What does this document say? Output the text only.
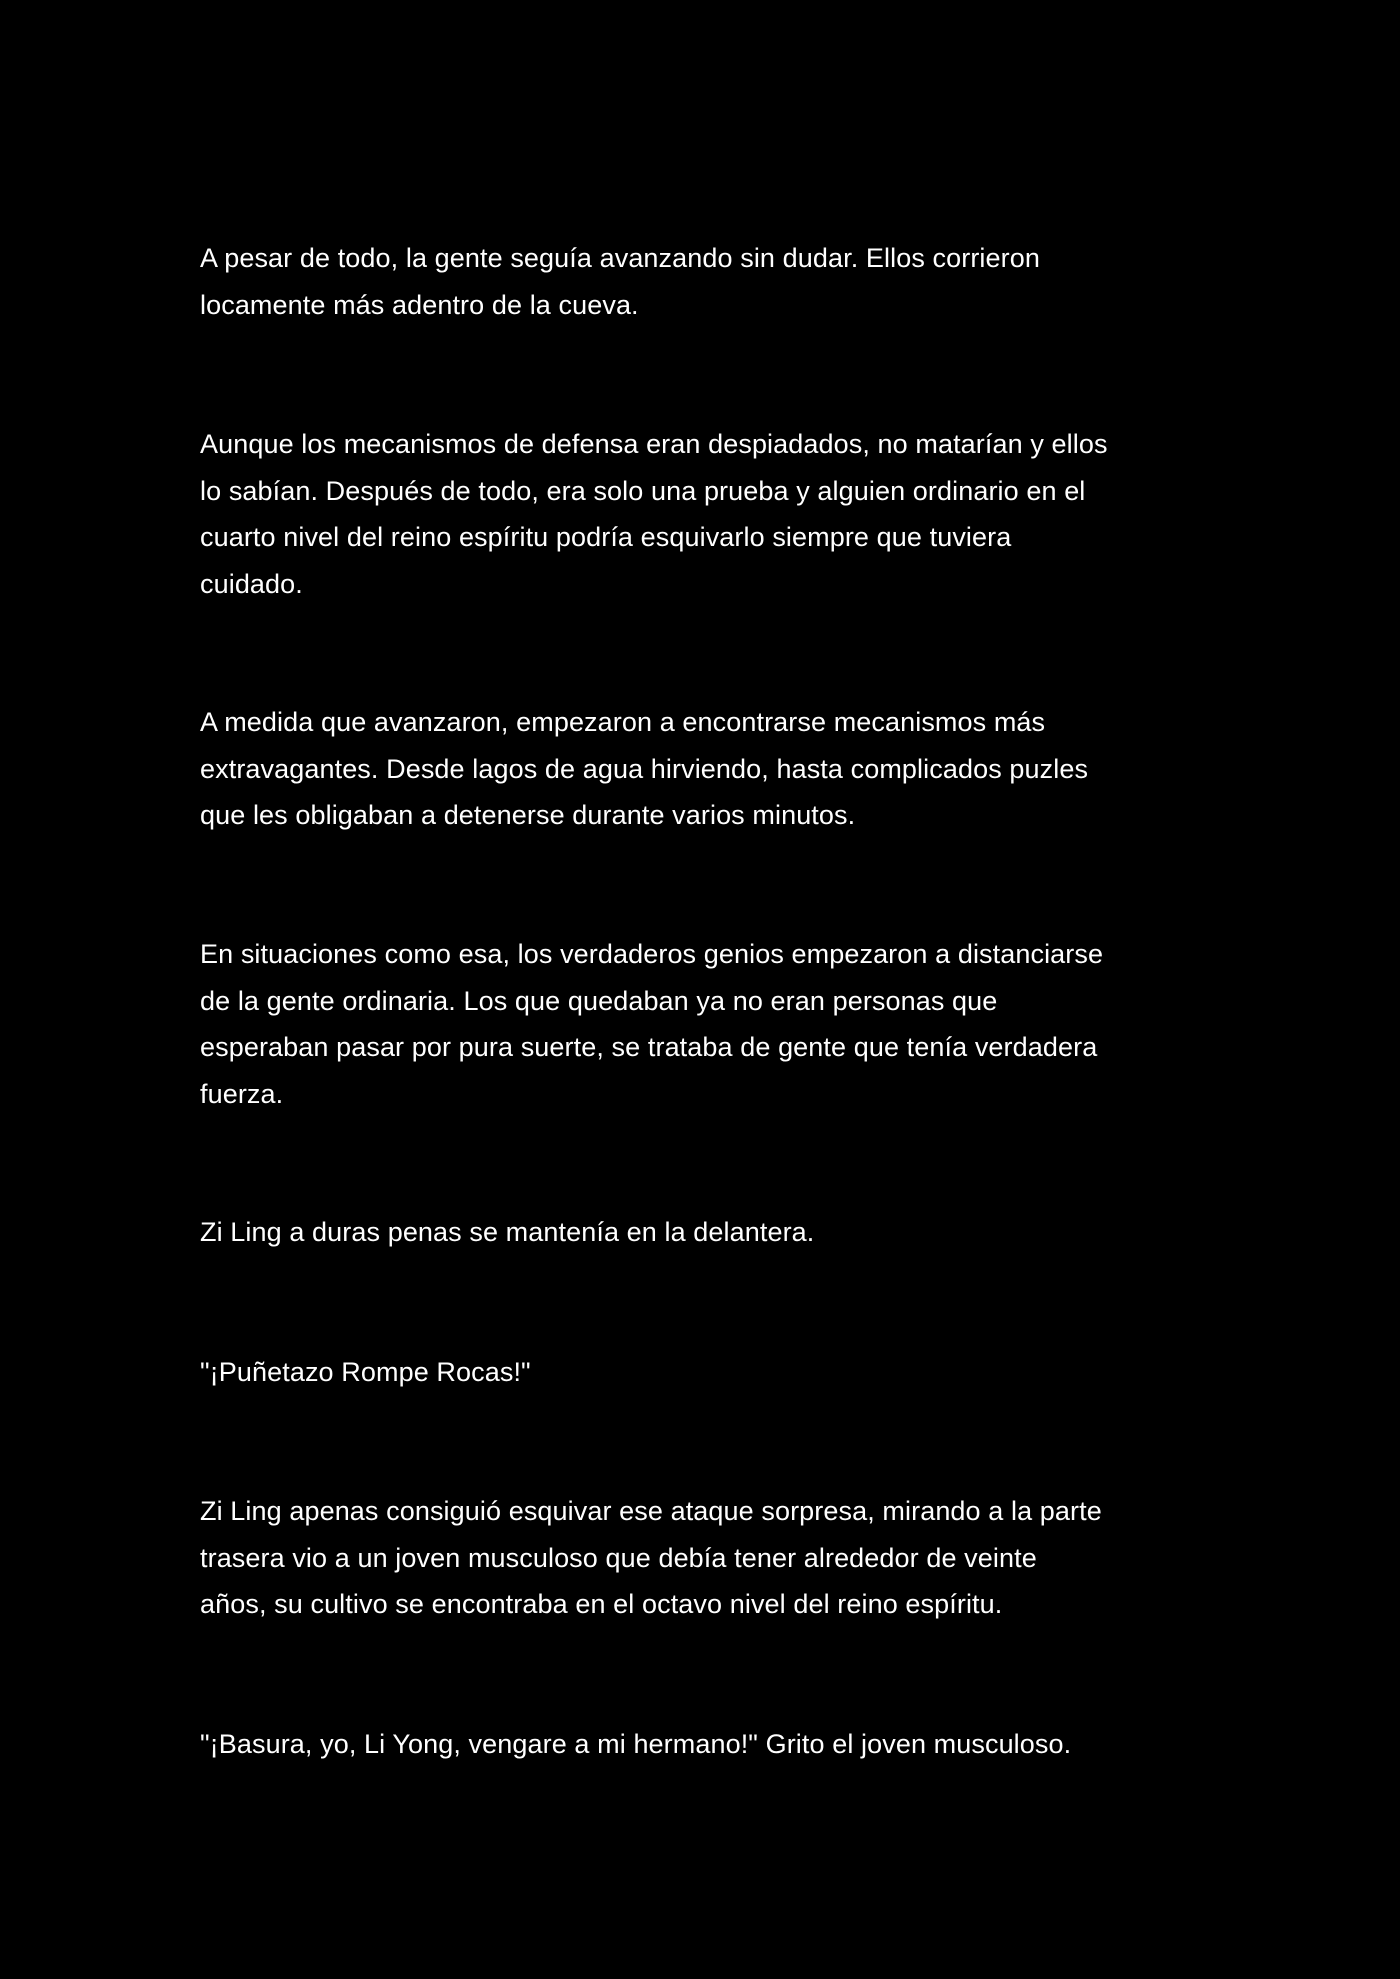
A pesar de todo, la gente seguía avanzando sin dudar. Ellos corrieron
locamente más adentro de la cueva.

Aunque los mecanismos de defensa eran despiadados, no matarían y ellos
lo sabían. Después de todo, era solo una prueba y alguien ordinario en el
cuarto nivel del reino espíritu podría esquivarlo siempre que tuviera
cuidado.

A medida que avanzaron, empezaron a encontrarse mecanismos más
extravagantes. Desde lagos de agua hirviendo, hasta complicados puzles
que les obligaban a detenerse durante varios minutos.

En situaciones como esa, los verdaderos genios empezaron a distanciarse
de la gente ordinaria. Los que quedaban ya no eran personas que
esperaban pasar por pura suerte, se trataba de gente que tenía verdadera
fuerza.

Zi Ling a duras penas se mantenía en la delantera.

"¡Puñetazo Rompe Rocas!"

Zi Ling apenas consiguió esquivar ese ataque sorpresa, mirando a la parte
trasera vio a un joven musculoso que debía tener alrededor de veinte
años, su cultivo se encontraba en el octavo nivel del reino espíritu.

"¡Basura, yo, Li Yong, vengare a mi hermano!" Grito el joven musculoso.
